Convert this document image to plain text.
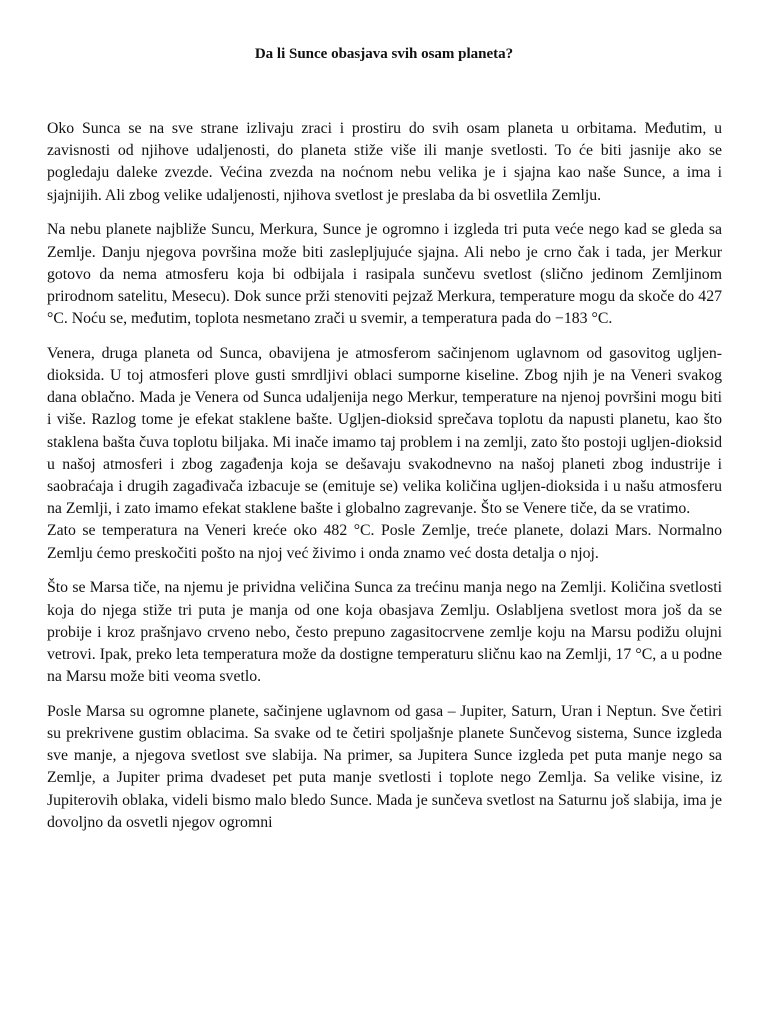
Da li Sunce obasjava svih osam planeta?

Oko Sunca se na sve strane izlivaju zraci i prostiru do svih osam planeta u orbitama. Međutim, u zavisnosti od njihove udaljenosti, do planeta stiže više ili manje svetlosti. To će biti jasnije ako se pogledaju daleke zvezde. Većina zvezda na noćnom nebu velika je i sjajna kao naše Sunce, a ima i sjajnijih. Ali zbog velike udaljenosti, njihova svetlost je preslaba da bi osvetlila Zemlju.

Na nebu planete najbliže Suncu, Merkura, Sunce je ogromno i izgleda tri puta veće nego kad se gleda sa Zemlje. Danju njegova površina može biti zaslepljujuće sjajna. Ali nebo je crno čak i tada, jer Merkur gotovo da nema atmosferu koja bi odbijala i rasipala sunčevu svetlost (slično jedinom Zemljinom prirodnom satelitu, Mesecu). Dok sunce prži stenoviti pejzaž Merkura, temperature mogu da skoče do 427 °C. Noću se, međutim, toplota nesmetano zrači u svemir, a temperatura pada do −183 °C.

Venera, druga planeta od Sunca, obavijena je atmosferom sačinjenom uglavnom od gasovitog ugljen-dioksida. U toj atmosferi plove gusti smrdljivi oblaci sumporne kiseline. Zbog njih je na Veneri svakog dana oblačno. Mada je Venera od Sunca udaljenija nego Merkur, temperature na njenoj površini mogu biti i više. Razlog tome je efekat staklene bašte. Ugljen-dioksid sprečava toplotu da napusti planetu, kao što staklena bašta čuva toplotu biljaka. Mi inače imamo taj problem i na zemlji, zato što postoji ugljen-dioksid u našoj atmosferi i zbog zagađenja koja se dešavaju svakodnevno na našoj planeti zbog industrije i saobraćaja i drugih zagađivača izbacuje se (emituje se) velika količina ugljen-dioksida i u našu atmosferu na Zemlji, i zato imamo efekat staklene bašte i globalno zagrevanje. Što se Venere tiče, da se vratimo.

Zato se temperatura na Veneri kreće oko 482 °C. Posle Zemlje, treće planete, dolazi Mars. Normalno Zemlju ćemo preskočiti pošto na njoj već živimo i onda znamo već dosta detalja o njoj.

Što se Marsa tiče, na njemu je prividna veličina Sunca za trećinu manja nego na Zemlji. Količina svetlosti koja do njega stiže tri puta je manja od one koja obasjava Zemlju. Oslabljena svetlost mora još da se probije i kroz prašnjavo crveno nebo, često prepuno zagasitocrvene zemlje koju na Marsu podižu olujni vetrovi. Ipak, preko leta temperatura može da dostigne temperaturu sličnu kao na Zemlji, 17 °C, a u podne na Marsu može biti veoma svetlo.

Posle Marsa su ogromne planete, sačinjene uglavnom od gasa – Jupiter, Saturn, Uran i Neptun. Sve četiri su prekrivene gustim oblacima. Sa svake od te četiri spoljašnje planete Sunčevog sistema, Sunce izgleda sve manje, a njegova svetlost sve slabija. Na primer, sa Jupitera Sunce izgleda pet puta manje nego sa Zemlje, a Jupiter prima dvadeset pet puta manje svetlosti i toplote nego Zemlja. Sa velike visine, iz Jupiterovih oblaka, videli bismo malo bledo Sunce. Mada je sunčeva svetlost na Saturnu još slabija, ima je dovoljno da osvetli njegov ogromni
